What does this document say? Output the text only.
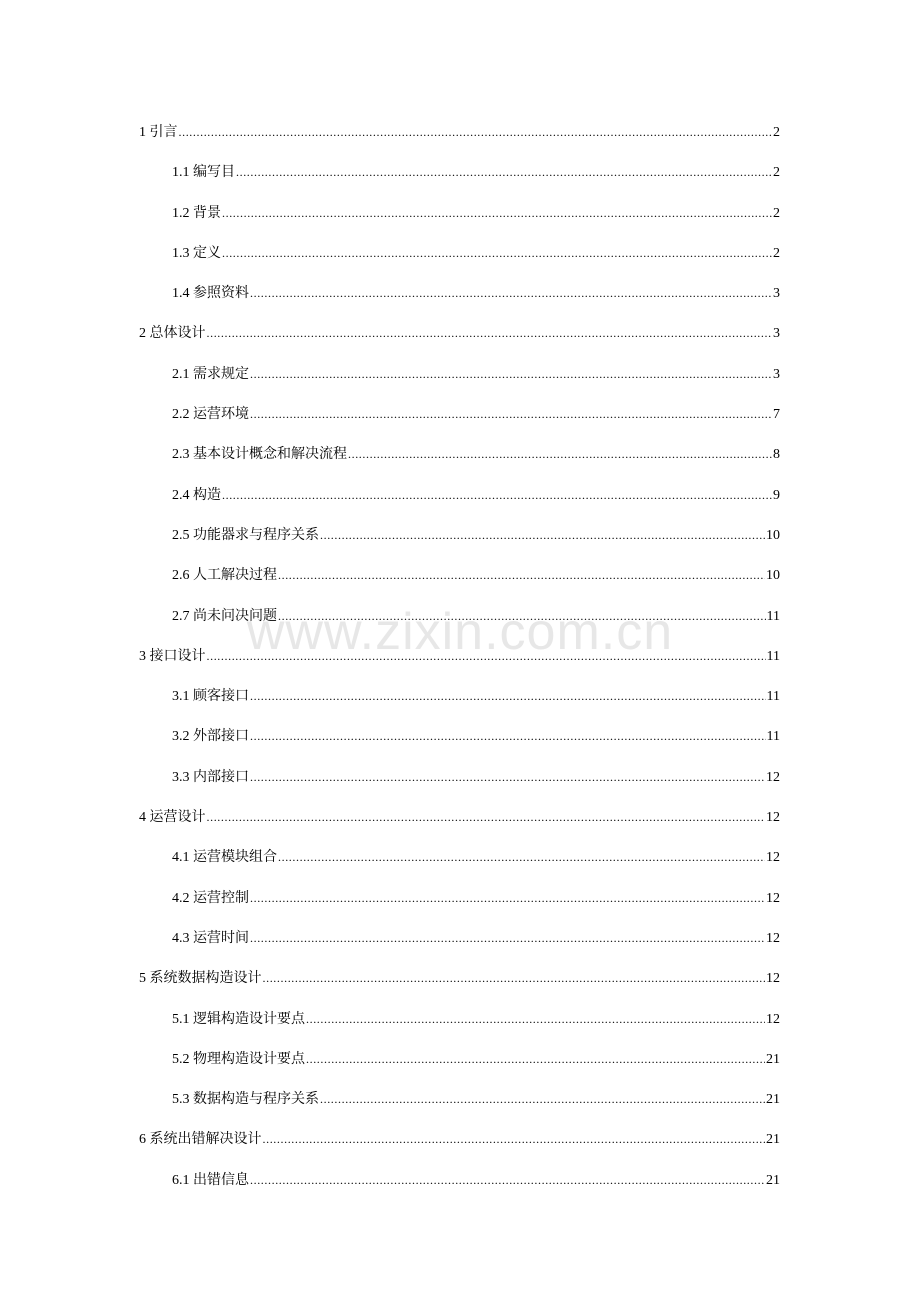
1 引言 .....	2
1.1 编写目 .....	2
1.2 背景 .....	2
1.3 定义 .....	2
1.4 参照资料 .....	3
2 总体设计 .....	3
2.1 需求规定 .....	3
2.2 运营环境 .....	7
2.3 基本设计概念和解决流程 .....	8
2.4 构造 .....	9
2.5 功能器求与程序关系 .....	10
2.6 人工解决过程 .....	10
2.7 尚未问决问题 .....	11
3 接口设计 .....	11
3.1 顾客接口 .....	11
3.2 外部接口 .....	11
3.3 内部接口 .....	12
4 运营设计 .....	12
4.1 运营模块组合 .....	12
4.2 运营控制 .....	12
4.3 运营时间 .....	12
5 系统数据构造设计 .....	12
5.1 逻辑构造设计要点 .....	12
5.2 物理构造设计要点 .....	21
5.3 数据构造与程序关系 .....	21
6 系统出错解决设计 .....	21
6.1 出错信息 .....	21
www.zixin.com.cn
